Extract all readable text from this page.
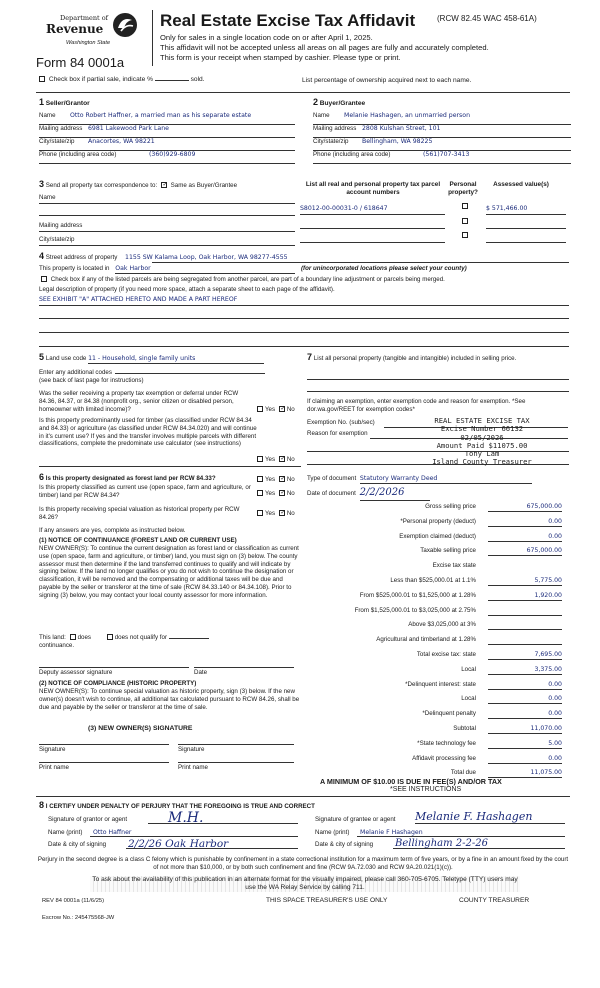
Department of
Revenue
Washington State
Form 84 0001a
Real Estate Excise Tax Affidavit	(RCW 82.45 WAC 458-61A)
Only for sales in a single location code on or after April 1, 2025.
This affidavit will not be accepted unless all areas on all pages are fully and accurately completed.
This form is your receipt when stamped by cashier. Please type or print.
Check box if partial sale, indicate %	sold.	List percentage of ownership acquired next to each name.
1 Seller/Grantor	2 Buyer/Grantee
Name Otto Robert Haffner, a married man as his separate estate
Mailing address 6981 Lakewood Park Lane
City/state/zip Anacortes, WA 98221
Phone (including area code)	(360)929-6809
Name Melanie Hashagen, an unmarried person
Mailing address 2808 Kulshan Street, 101
City/state/zip Bellingham, WA 98225
Phone (including area code)	(561)707-3413
3 Send all property tax correspondence to: ✓ Same as Buyer/Grantee
Name
Mailing address
City/state/zip
List all real and personal property tax parcel account numbers
Personal property?
Assessed value(s)
S8012-00-00031-0 / 618647	$ 571,466.00
4 Street address of property 1155 SW Kalama Loop, Oak Harbor, WA 98277-4555
This property is located in Oak Harbor	(for unincorporated locations please select your county)
Check box if any of the listed parcels are being segregated from another parcel, are part of a boundary line adjustment or parcels being merged.
Legal description of property (if you need more space, attach a separate sheet to each page of the affidavit).
SEE EXHIBIT "A" ATTACHED HERETO AND MADE A PART HEREOF
5 Land use code 11 - Household, single family units
Enter any additional codes
(see back of last page for instructions)
Was the seller receiving a property tax exemption or deferral under RCW 84.36, 84.37, or 84.38 (nonprofit org., senior citizen or disabled person, homeowner with limited income)?	Yes ✓ No
Is this property predominantly used for timber (as classified under RCW 84.34 and 84.33) or agriculture (as classified under RCW 84.34.020) and will continue in it's current use? If yes and the transfer involves multiple parcels with different classifications, complete the predominate use calculator (see instructions)
Yes ✓ No
6 Is this property designated as forest land per RCW 84.33?	Yes ✓ No
Is this property classified as current use (open space, farm and agriculture, or timber) land per RCW 84.34?	Yes ✓ No
Is this property receiving special valuation as historical property per RCW 84.26?
Yes ✓ No
If any answers are yes, complete as instructed below.
(1) NOTICE OF CONTINUANCE (FOREST LAND OR CURRENT USE)
NEW OWNER(S): To continue the current designation as forest land or classification as current use (open space, farm and agriculture, or timber) land, you must sign on (3) below. The county assessor must then determine if the land transferred continues to qualify and will indicate by signing below. If the land no longer qualifies or you do not wish to continue the designation or classification, it will be removed and the compensating or additional taxes will be due and payable by the seller or transferor at the time of sale (RCW 84.33.140 or 84.34.108). Prior to signing (3) below, you may contact your local county assessor for more information.
This land: does	does not qualify for
continuance.
Deputy assessor signature	Date
(2) NOTICE OF COMPLIANCE (HISTORIC PROPERTY)
NEW OWNER(S): To continue special valuation as historic property, sign (3) below. If the new owner(s) doesn't wish to continue, all additional tax calculated pursuant to RCW 84.26, shall be due and payable by the seller or transferor at the time of sale.
(3) NEW OWNER(S) SIGNATURE
Signature	Signature
Print name	Print name
7 List all personal property (tangible and intangible) included in selling price.
If claiming an exemption, enter exemption code and reason for exemption. *See dor.wa.gov/REET for exemption codes*
Exemption No. (sub/sec)
Reason for exemption
REAL ESTATE EXCISE TAX
Excise Number 66132
02/05/2026
Amount Paid $11075.00
Tony Lam
Island County Treasurer
Type of document Statutory Warranty Deed
Date of document 2/2/2026
Gross selling price	675,000.00
*Personal property (deduct)	0.00
Exemption claimed (deduct)	0.00
Taxable selling price	675,000.00
Excise tax state
Less than $525,000.01 at 1.1%	5,775.00
From $525,000.01 to $1,525,000 at 1.28%	1,920.00
From $1,525,000.01 to $3,025,000 at 2.75%
Above $3,025,000 at 3%
Agricultural and timberland at 1.28%
Total excise tax: state	7,695.00
Local	3,375.00
*Delinquent interest: state	0.00
Local	0.00
*Delinquent penalty	0.00
Subtotal	11,070.00
*State technology fee	5.00
Affidavit processing fee	0.00
Total due	11,075.00
A MINIMUM OF $10.00 IS DUE IN FEE(S) AND/OR TAX
*SEE INSTRUCTIONS
8 I CERTIFY UNDER PENALTY OF PERJURY THAT THE FOREGOING IS TRUE AND CORRECT
Signature of grantor or agent	M.H.
Name (print) Otto Haffner
Date & city of signing 2/2/26 Oak Harbor
Signature of grantee or agent Melanie F. Hashagen
Name (print) Melanie F Hashagen
Date & city of signing Bellingham 2-2-26
Perjury in the second degree is a class C felony which is punishable by confinement in a state correctional institution for a maximum term of five years, or by a fine in an amount fixed by the court of not more than $10,000, or by both such confinement and fine (RCW 9A.72.030 and RCW 9A.20.021(1)(c)).
To ask about the availability of this publication in an alternate format for the visually impaired, please call 360-705-6705. Teletype (TTY) users may use the WA Relay Service by calling 711.
REV 84 0001a (11/6/25)	THIS SPACE TREASURER'S USE ONLY	COUNTY TREASURER
Escrow No.: 245475568-JW
